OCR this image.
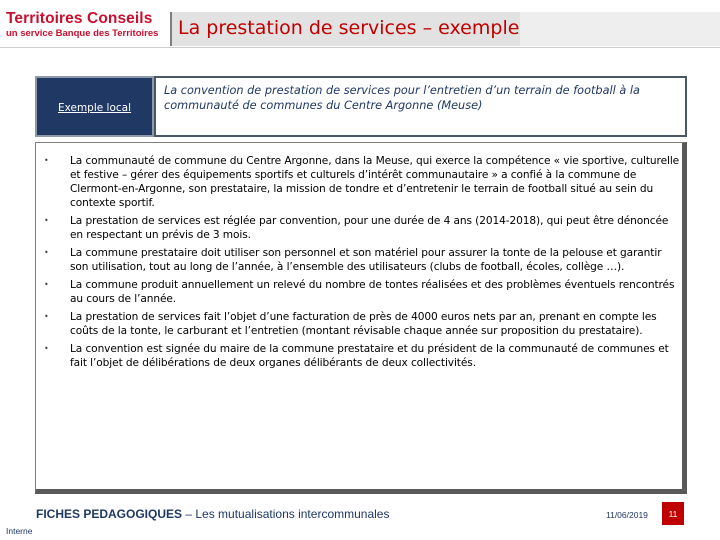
Territoires Conseils
un service Banque des Territoires La prestation de services – exemple
Exemple local
La convention de prestation de services pour l’entretien d’un terrain de football à la communauté de communes du Centre Argonne (Meuse)
• La communauté de commune du Centre Argonne, dans la Meuse, qui exerce la compétence « vie sportive, culturelle et festive – gérer des équipements sportifs et culturels d’intérêt communautaire » a confié à la commune de Clermont-en-Argonne, son prestataire, la mission de tondre et d’entretenir le terrain de football situé au sein du contexte sportif.
• La prestation de services est réglée par convention, pour une durée de 4 ans (2014-2018), qui peut être dénoncée en respectant un prévis de 3 mois.
• La commune prestataire doit utiliser son personnel et son matériel pour assurer la tonte de la pelouse et garantir son utilisation, tout au long de l’année, à l’ensemble des utilisateurs (clubs de football, écoles, collège …).
• La commune produit annuellement un relevé du nombre de tontes réalisées et des problèmes éventuels rencontrés au cours de l’année.
• La prestation de services fait l’objet d’une facturation de près de 4000 euros nets par an, prenant en compte les coûts de la tonte, le carburant et l’entretien (montant révisable chaque année sur proposition du prestataire).
• La convention est signée du maire de la commune prestataire et du président de la communauté de communes et fait l’objet de délibérations de deux organes délibérants de deux collectivités.
FICHES PEDAGOGIQUES – Les mutualisations intercommunales	11/06/2019	11
Interne
